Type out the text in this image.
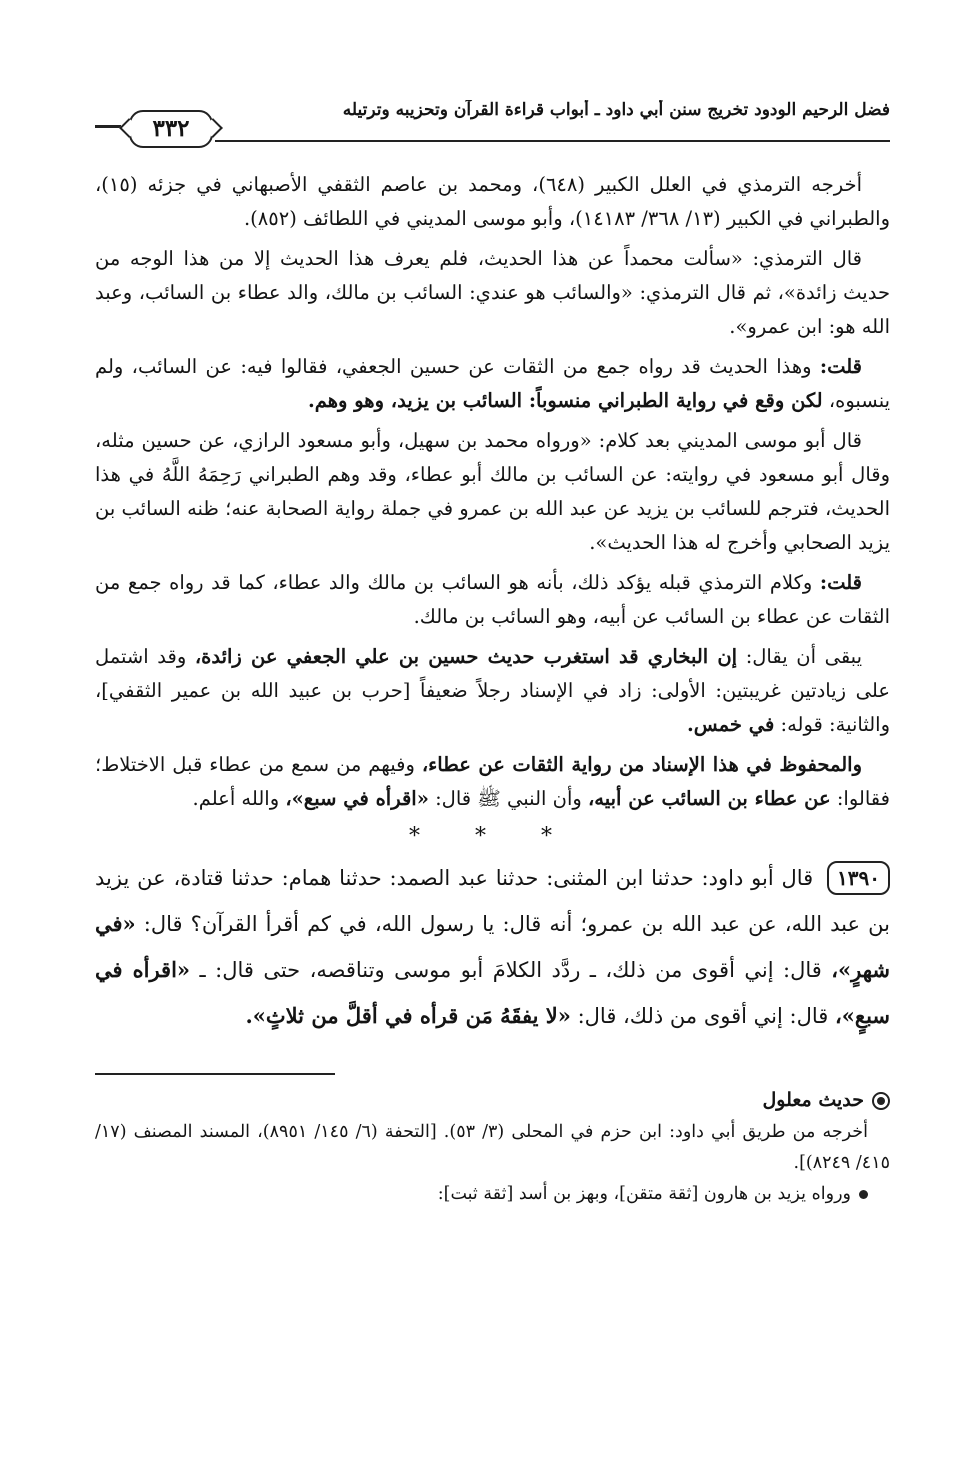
فضل الرحيم الودود تخريج سنن أبي داود ـ أبواب قراءة القرآن وتحزيبه وترتيله
٣٣٢

أخرجه الترمذي في العلل الكبير (٦٤٨)، ومحمد بن عاصم الثقفي الأصبهاني في جزئه (١٥)، والطبراني في الكبير (١٣/ ٣٦٨/ ١٤١٨٣)، وأبو موسى المديني في اللطائف (٨٥٢).

قال الترمذي: «سألت محمداً عن هذا الحديث، فلم يعرف هذا الحديث إلا من هذا الوجه من حديث زائدة»، ثم قال الترمذي: «والسائب هو عندي: السائب بن مالك، والد عطاء بن السائب، وعبد الله هو: ابن عمرو».

قلت: وهذا الحديث قد رواه جمع من الثقات عن حسين الجعفي، فقالوا فيه: عن السائب، ولم ينسبوه، لكن وقع في رواية الطبراني منسوباً: السائب بن يزيد، وهو وهم.

قال أبو موسى المديني بعد كلام: «ورواه محمد بن سهيل، وأبو مسعود الرازي، عن حسين مثله، وقال أبو مسعود في روايته: عن السائب بن مالك أبو عطاء، وقد وهم الطبراني رَحِمَهُ اللَّهُ في هذا الحديث، فترجم للسائب بن يزيد عن عبد الله بن عمرو في جملة رواية الصحابة عنه؛ ظنه السائب بن يزيد الصحابي وأخرج له هذا الحديث».

قلت: وكلام الترمذي قبله يؤكد ذلك، بأنه هو السائب بن مالك والد عطاء، كما قد رواه جمع من الثقات عن عطاء بن السائب عن أبيه، وهو السائب بن مالك.

يبقى أن يقال: إن البخاري قد استغرب حديث حسين بن علي الجعفي عن زائدة، وقد اشتمل على زيادتين غريبتين: الأولى: زاد في الإسناد رجلاً ضعيفاً [حرب بن عبيد الله بن عمير الثقفي]، والثانية: قوله: في خمس.

والمحفوظ في هذا الإسناد من رواية الثقات عن عطاء، وفيهم من سمع من عطاء قبل الاختلاط؛ فقالوا: عن عطاء بن السائب عن أبيه، وأن النبي ﷺ قال: «اقرأه في سبع»، والله أعلم.

* * *

١٣٩٠ قال أبو داود: حدثنا ابن المثنى: حدثنا عبد الصمد: حدثنا همام: حدثنا قتادة، عن يزيد بن عبد الله، عن عبد الله بن عمرو؛ أنه قال: يا رسول الله، في كم أقرأ القرآن؟ قال: «في شهرٍ»، قال: إني أقوى من ذلك، ـ ردَّد الكلامَ أبو موسى وتناقصه، حتى قال: ـ «اقرأه في سبعٍ»، قال: إني أقوى من ذلك، قال: «لا يفقَهُ مَن قرأه في أقلَّ من ثلاثٍ».

حديث معلول

أخرجه من طريق أبي داود: ابن حزم في المحلى (٣/ ٥٣). [التحفة (٦/ ١٤٥/ ٨٩٥١)، المسند المصنف (١٧/ ٤١٥/ ٨٢٤٩)].

ورواه يزيد بن هارون [ثقة متقن]، وبهز بن أسد [ثقة ثبت]:
